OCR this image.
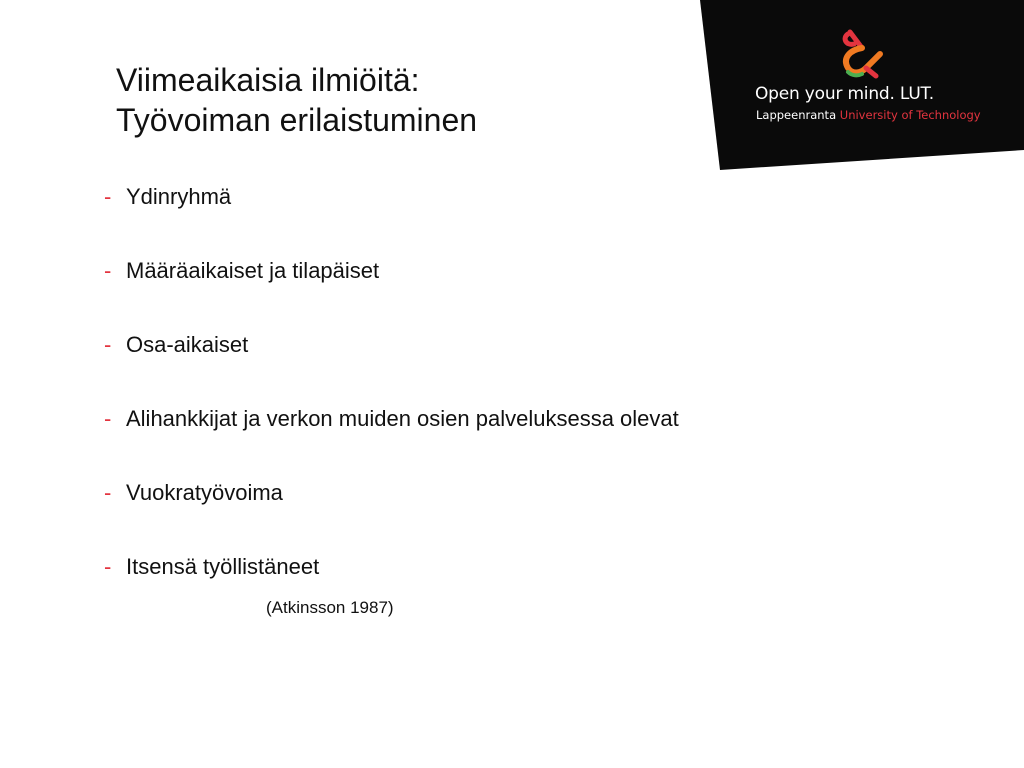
Viimeaikaisia ilmiöitä:
Työvoiman erilaistuminen
Open your mind. LUT.
Lappeenranta University of Technology
- Ydinryhmä
- Määräaikaiset ja tilapäiset
- Osa-aikaiset
- Alihankkijat ja verkon muiden osien palveluksessa olevat
- Vuokratyövoima
- Itsensä työllistäneet
(Atkinsson 1987)
